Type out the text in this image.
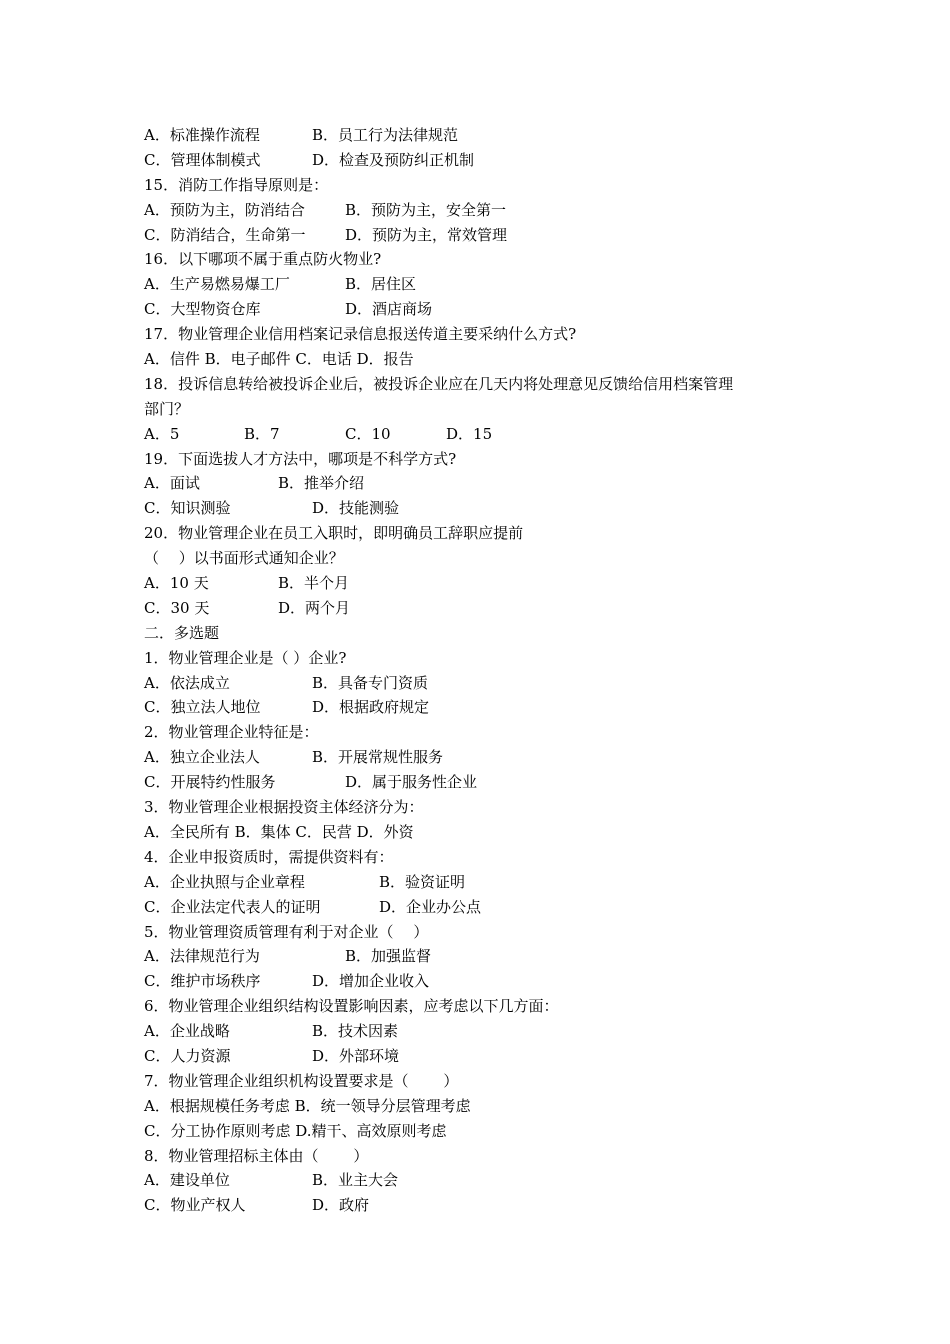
A．标准操作流程	B．员工行为法律规范
C．管理体制模式	D．检查及预防纠正机制
15．消防工作指导原则是：
A．预防为主，防消结合	B．预防为主，安全第一
C．防消结合，生命第一	D．预防为主，常效管理
16．以下哪项不属于重点防火物业?
A．生产易燃易爆工厂	B．居住区
C．大型物资仓库	D．酒店商场
17．物业管理企业信用档案记录信息报送传道主要采纳什么方式?
A．信件 B．电子邮件 C．电话 D．报告
18．投诉信息转给被投诉企业后，被投诉企业应在几天内将处理意见反馈给信用档案管理
部门？
A．5	B．7	C．10	D．15
19．下面选拔人才方法中，哪项是不科学方式?
A．面试	B．推举介绍
C．知识测验	D．技能测验
20．物业管理企业在员工入职时，即明确员工辞职应提前
（　 ）以书面形式通知企业？
A．10 天	B．半个月
C．30 天	D．两个月
二．多选题
1．物业管理企业是（ ）企业?
A．依法成立	B．具备专门资质
C．独立法人地位	D．根据政府规定
2．物业管理企业特征是：
A．独立企业法人	B．开展常规性服务
C．开展特约性服务	D．属于服务性企业
3．物业管理企业根据投资主体经济分为：
A．全民所有 B．集体 C．民营 D．外资
4．企业申报资质时，需提供资料有：
A．企业执照与企业章程	B．验资证明
C．企业法定代表人的证明	D．企业办公点
5．物业管理资质管理有利于对企业（　 ）
A．法律规范行为	B．加强监督
C．维护市场秩序	D．增加企业收入
6．物业管理企业组织结构设置影响因素，应考虑以下几方面：
A．企业战略	B．技术因素
C．人力资源	D．外部环境
7．物业管理企业组织机构设置要求是（　　 ）
A．根据规模任务考虑 B．统一领导分层管理考虑
C．分工协作原则考虑 D.精干、高效原则考虑
8．物业管理招标主体由（　　 ）
A．建设单位	B．业主大会
C．物业产权人	D．政府
